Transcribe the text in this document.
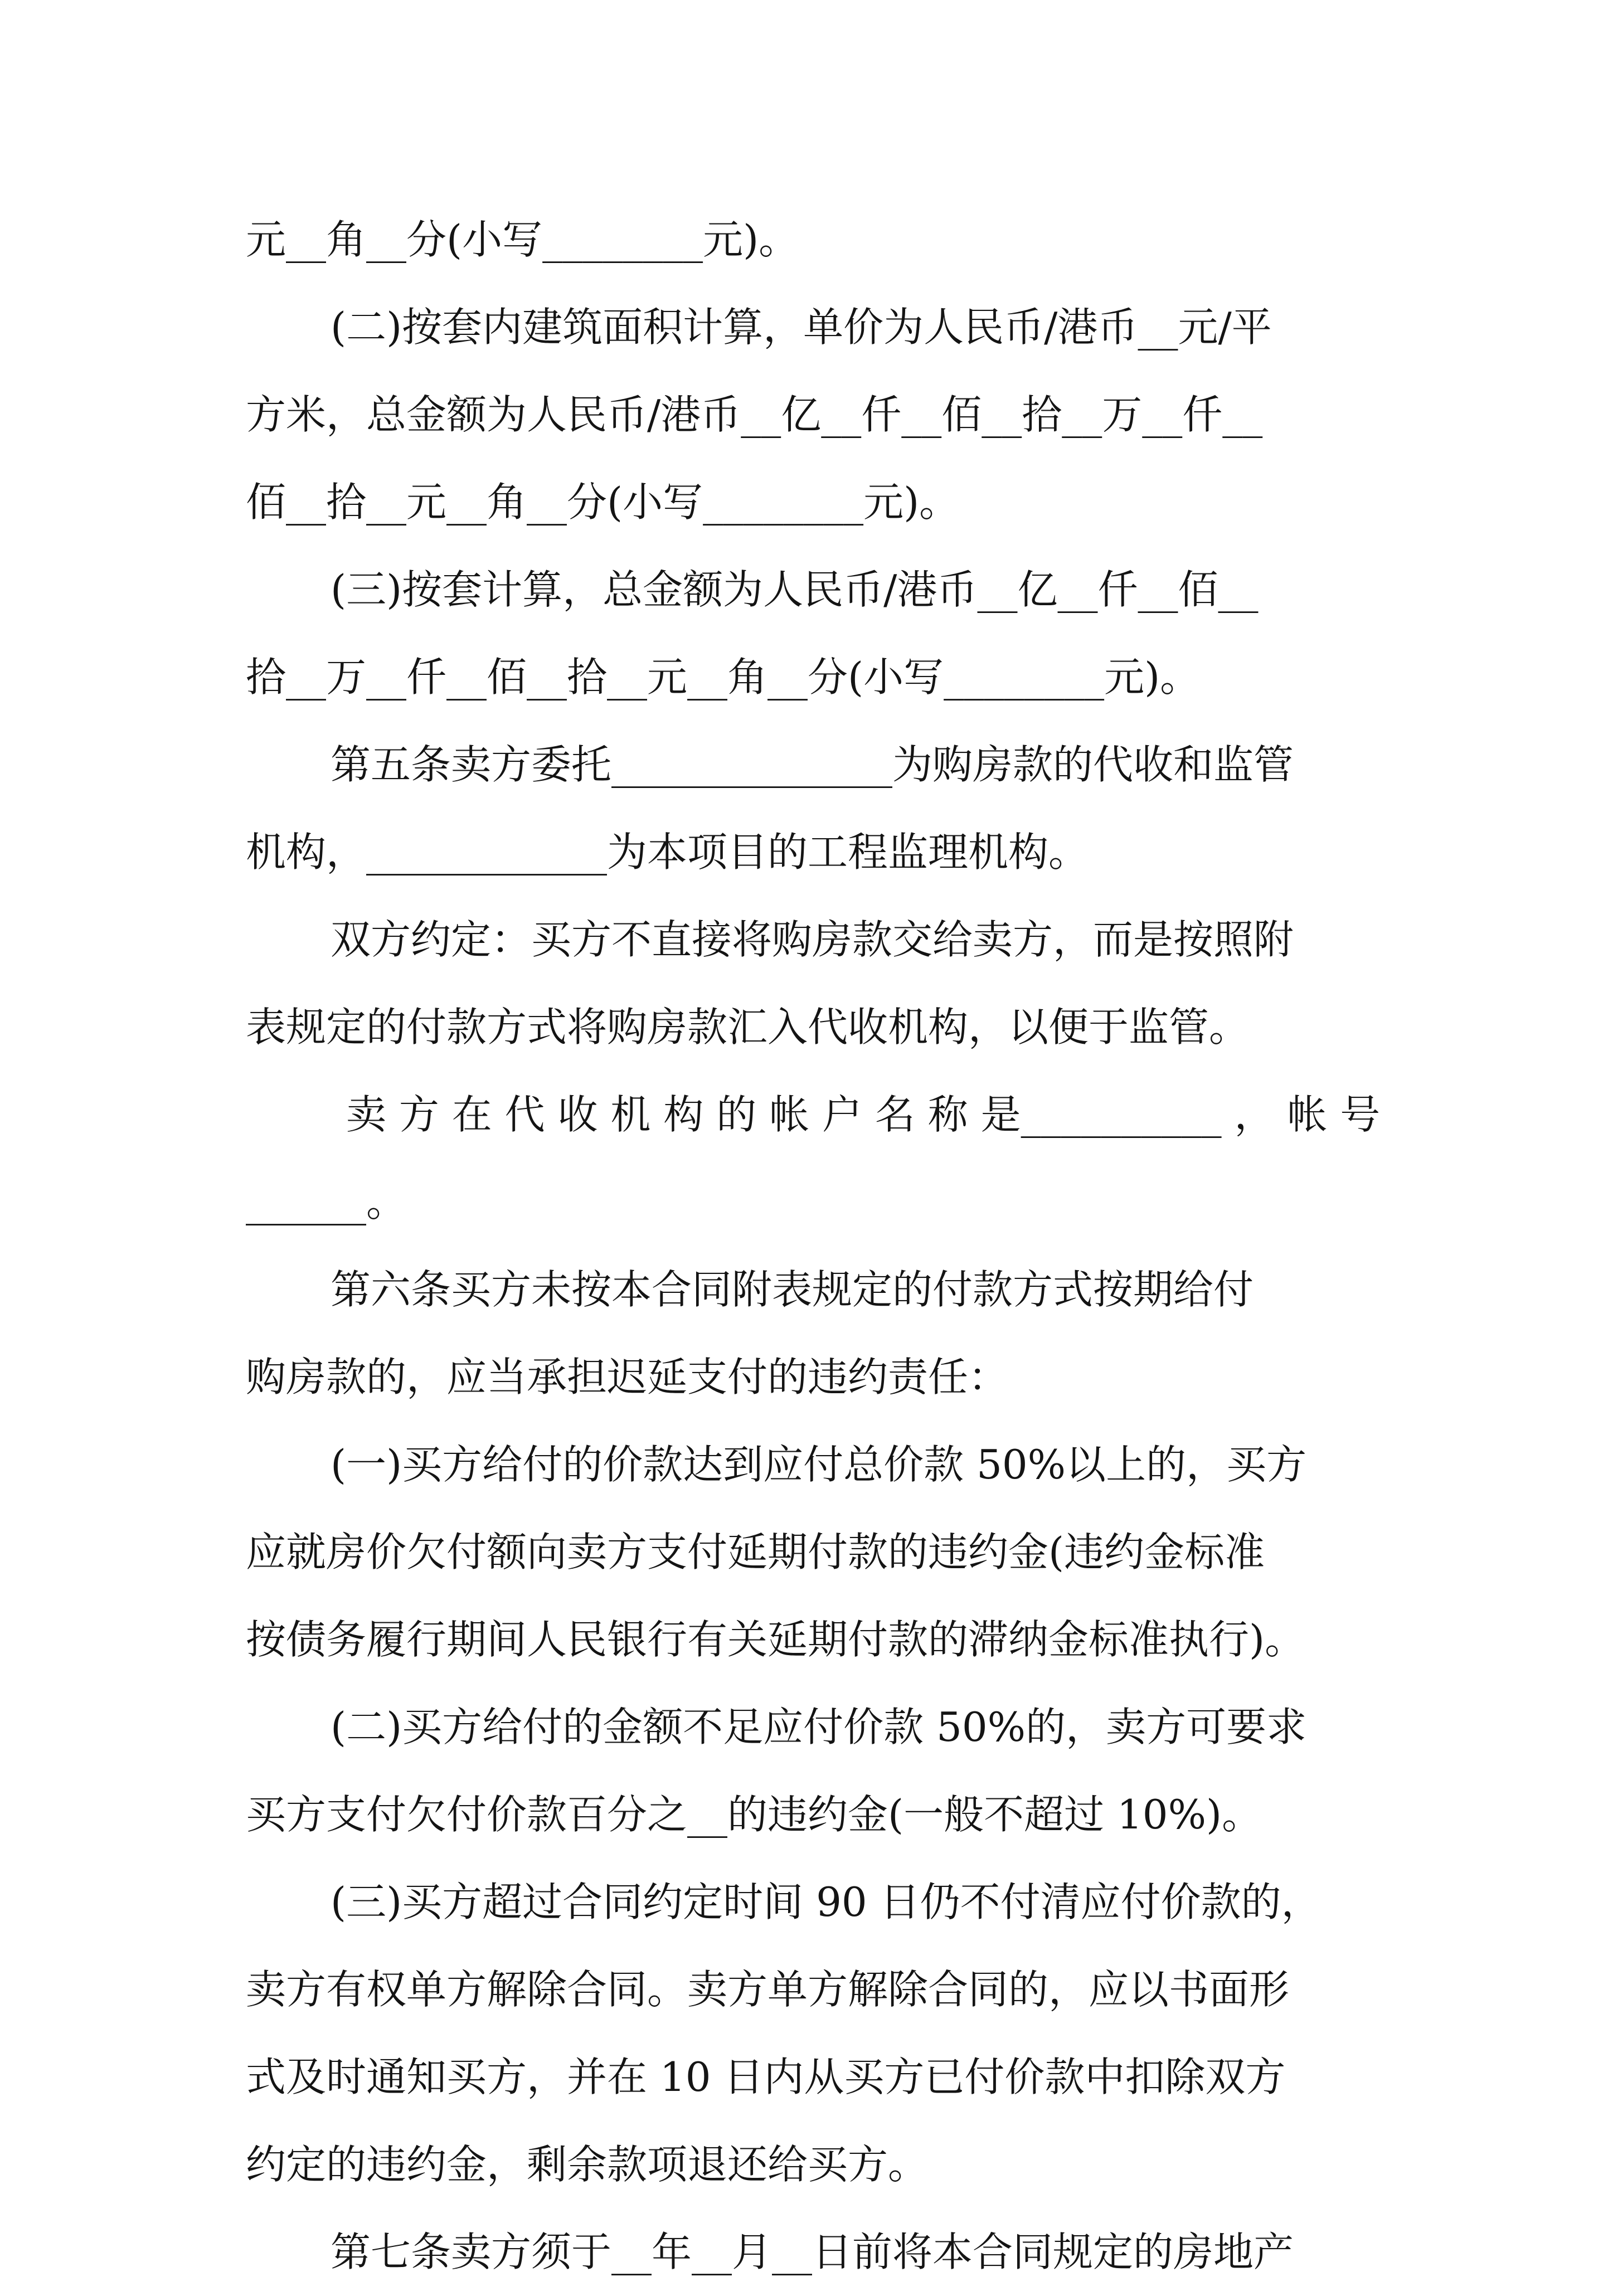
元__角__分(小写________元)。
(二)按套内建筑面积计算，单价为人民币/港币__元/平
方米，总金额为人民币/港币__亿__仟__佰__拾__万__仟__
佰__拾__元__角__分(小写________元)。
(三)按套计算，总金额为人民币/港币__亿__仟__佰__
拾__万__仟__佰__拾__元__角__分(小写________元)。
第五条卖方委托______________为购房款的代收和监管
机构，____________为本项目的工程监理机构。
双方约定：买方不直接将购房款交给卖方，而是按照附
表规定的付款方式将购房款汇入代收机构，以便于监管。
卖 方 在 代 收 机 构 的 帐 户 名 称 是__________ ， 帐 号
______。
第六条买方未按本合同附表规定的付款方式按期给付
购房款的，应当承担迟延支付的违约责任：
(一)买方给付的价款达到应付总价款 50%以上的，买方
应就房价欠付额向卖方支付延期付款的违约金(违约金标准
按债务履行期间人民银行有关延期付款的滞纳金标准执行)。
(二)买方给付的金额不足应付价款 50%的，卖方可要求
买方支付欠付价款百分之__的违约金(一般不超过 10%)。
(三)买方超过合同约定时间 90 日仍不付清应付价款的，
卖方有权单方解除合同。卖方单方解除合同的，应以书面形
式及时通知买方，并在 10 日内从买方已付价款中扣除双方
约定的违约金，剩余款项退还给买方。
第七条卖方须于__年__月__日前将本合同规定的房地产
